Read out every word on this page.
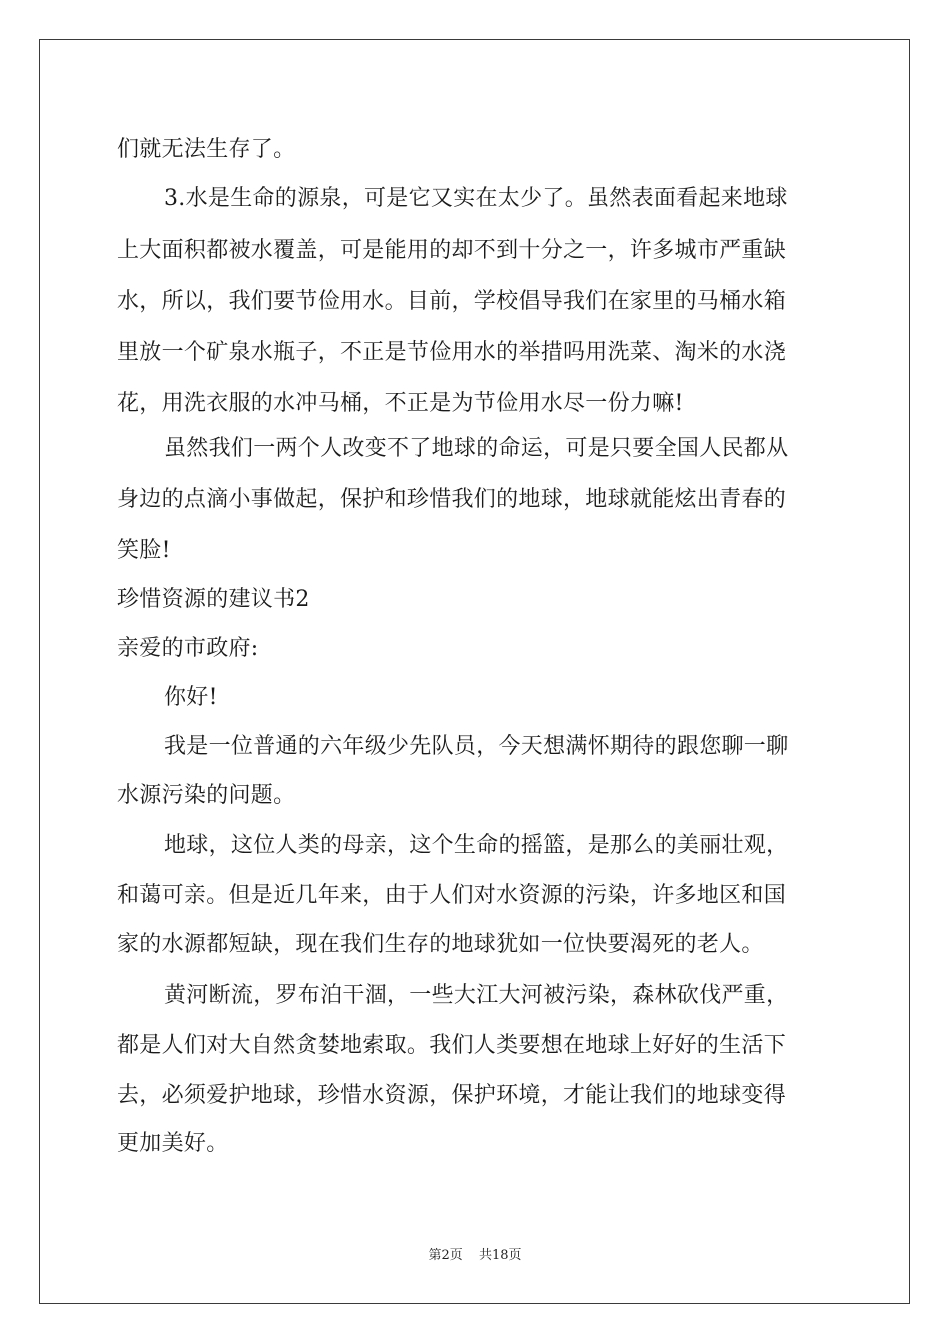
们就无法生存了。
3.水是生命的源泉，可是它又实在太少了。虽然表面看起来地球
上大面积都被水覆盖，可是能用的却不到十分之一，许多城市严重缺
水，所以，我们要节俭用水。目前，学校倡导我们在家里的马桶水箱
里放一个矿泉水瓶子，不正是节俭用水的举措吗用洗菜、淘米的水浇
花，用洗衣服的水冲马桶，不正是为节俭用水尽一份力嘛!
虽然我们一两个人改变不了地球的命运，可是只要全国人民都从
身边的点滴小事做起，保护和珍惜我们的地球，地球就能炫出青春的
笑脸!
珍惜资源的建议书2
亲爱的市政府:
你好!
我是一位普通的六年级少先队员，今天想满怀期待的跟您聊一聊
水源污染的问题。
地球，这位人类的母亲，这个生命的摇篮，是那么的美丽壮观，
和蔼可亲。但是近几年来，由于人们对水资源的污染，许多地区和国
家的水源都短缺，现在我们生存的地球犹如一位快要渴死的老人。
黄河断流，罗布泊干涸，一些大江大河被污染，森林砍伐严重，
都是人们对大自然贪婪地索取。我们人类要想在地球上好好的生活下
去，必须爱护地球，珍惜水资源，保护环境，才能让我们的地球变得
更加美好。
第2页 共18页
